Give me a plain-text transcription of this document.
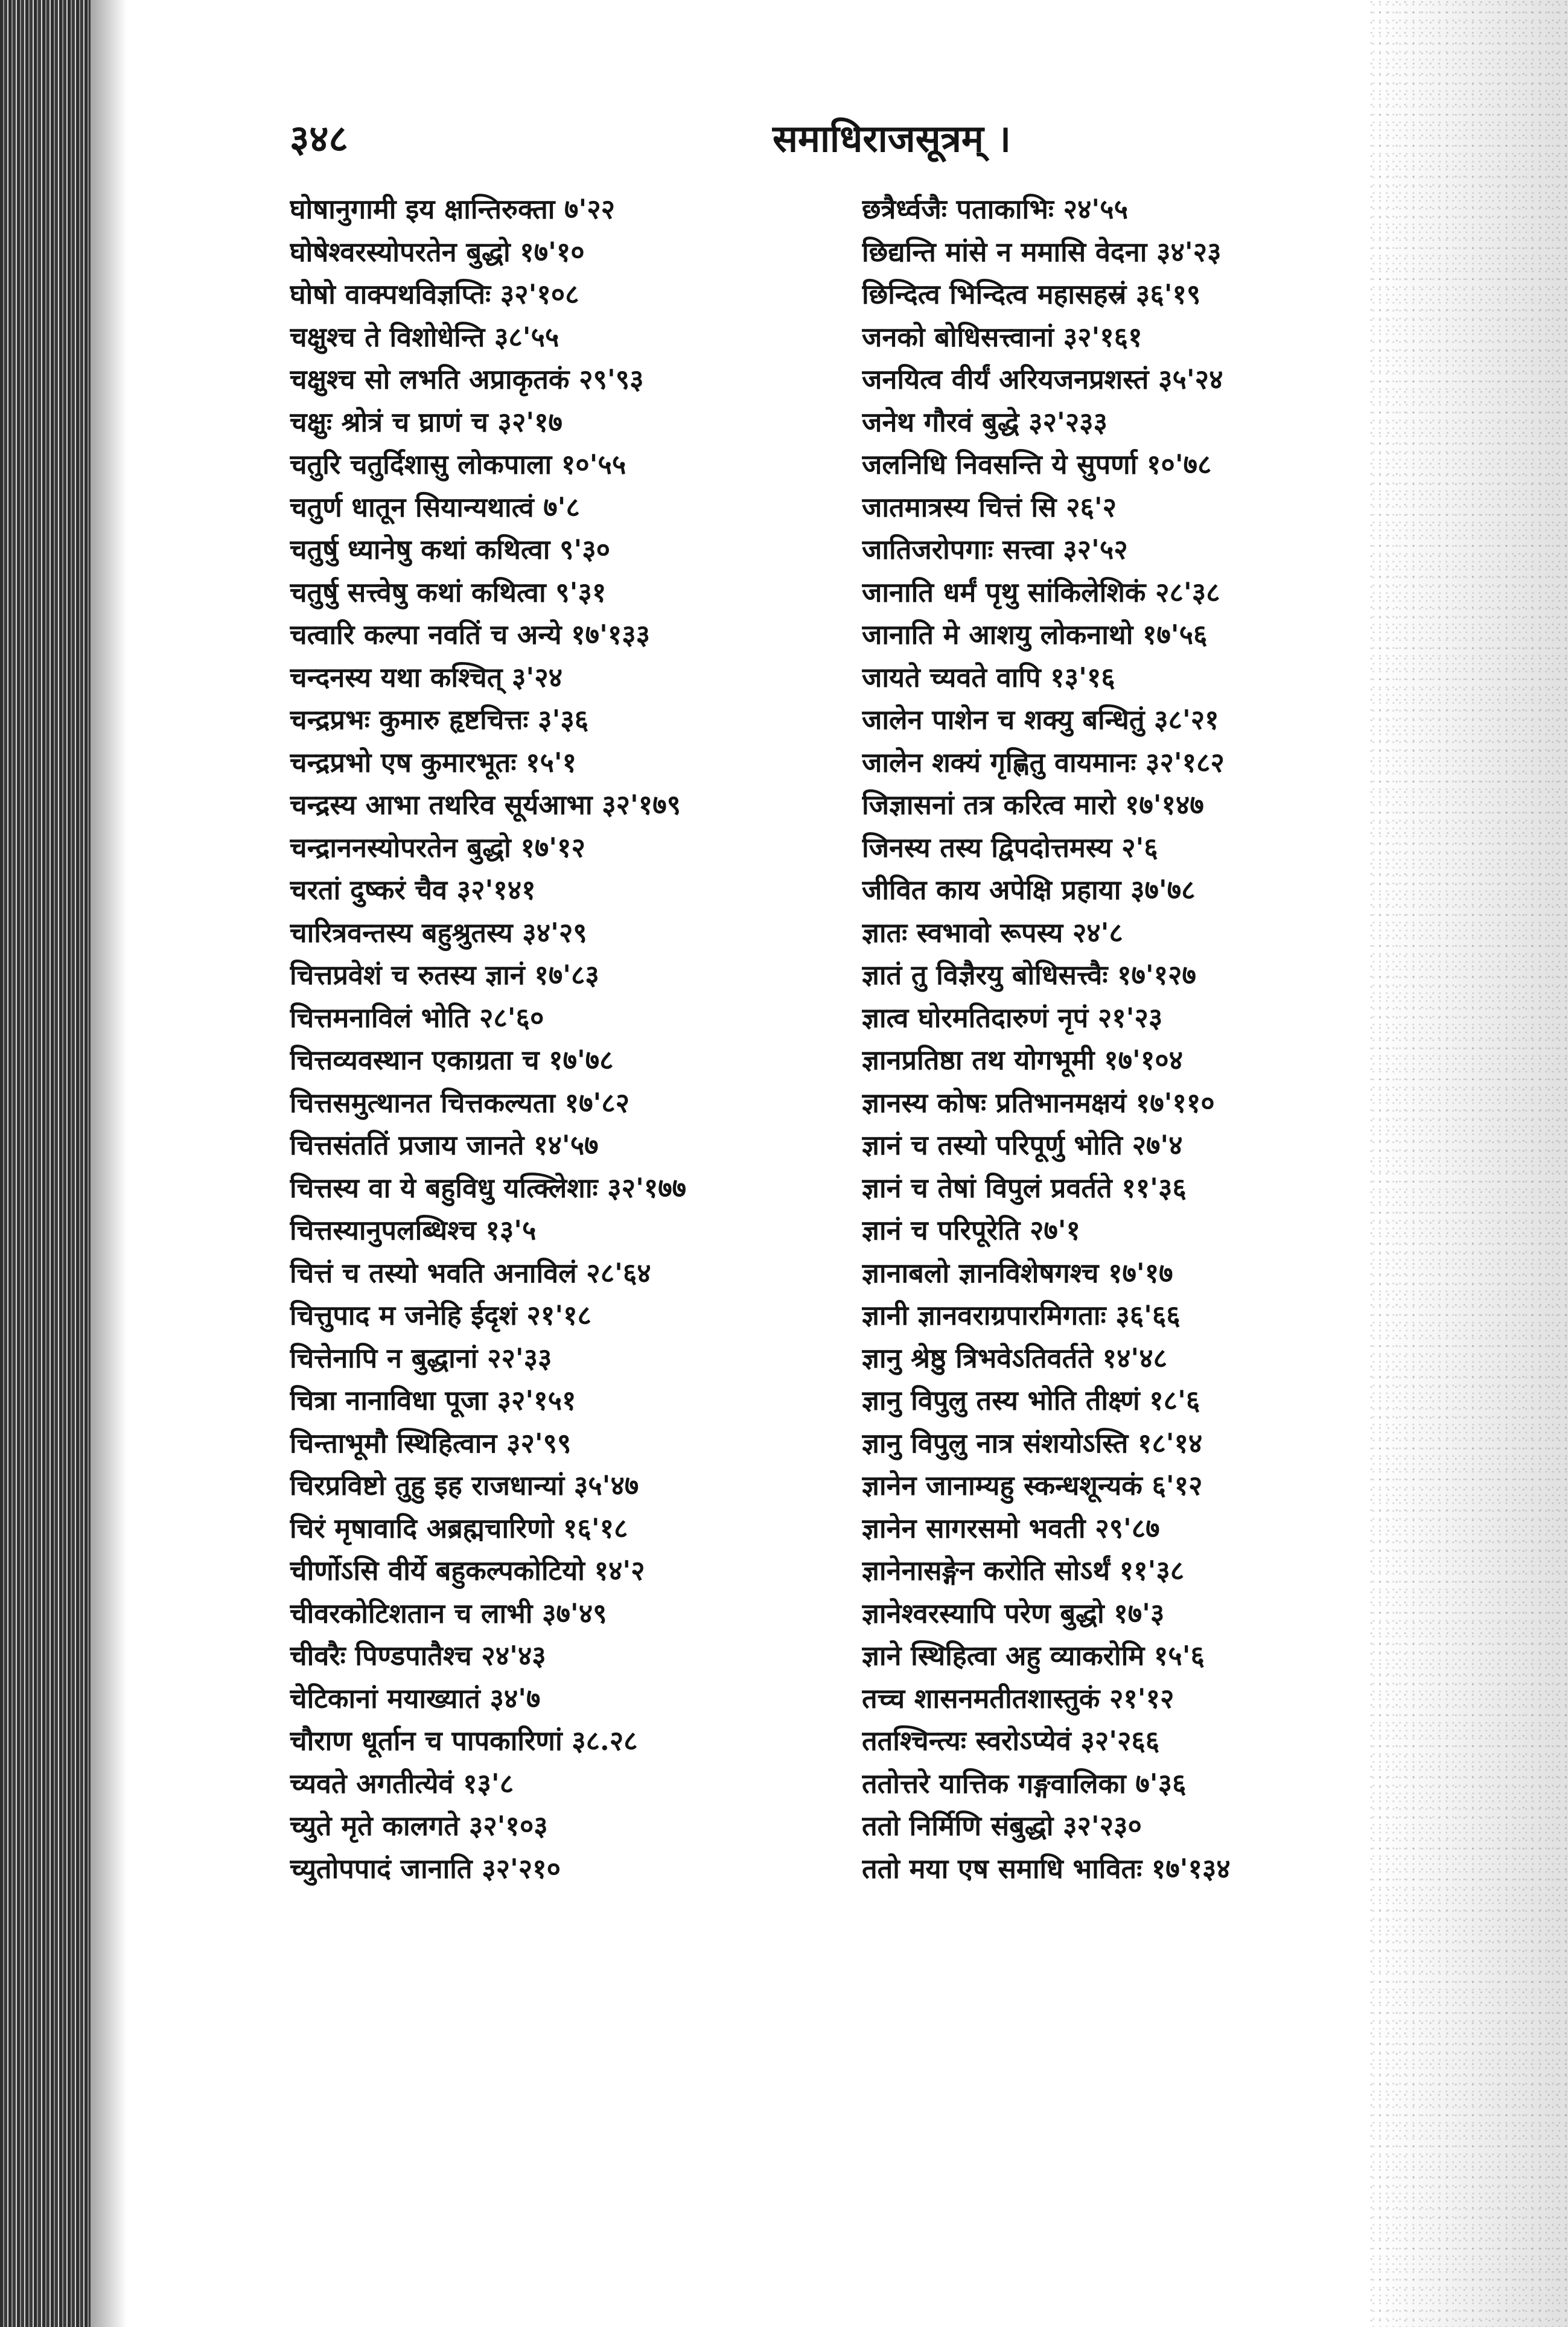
३४८	समाधिराजसूत्रम् ।
घोषानुगामी इय क्षान्तिरुक्ता ७'२२
घोषेश्वरस्योपरतेन बुद्धो १७'१०
घोषो वाक्पथविज्ञप्तिः ३२'१०८
चक्षुश्च ते विशोधेन्ति ३८'५५
चक्षुश्च सो लभति अप्राकृतकं २९'९३
चक्षुः श्रोत्रं च घ्राणं च ३२'१७
चतुरि चतुर्दिशासु लोकपाला १०'५५
चतुर्ण धातून सियान्यथात्वं ७'८
चतुर्षु ध्यानेषु कथां कथित्वा ९'३०
चतुर्षु सत्त्वेषु कथां कथित्वा ९'३१
चत्वारि कल्पा नवतिं च अन्ये १७'१३३
चन्दनस्य यथा कश्चित् ३'२४
चन्द्रप्रभः कुमारु हृष्टचित्तः ३'३६
चन्द्रप्रभो एष कुमारभूतः १५'१
चन्द्रस्य आभा तथरिव सूर्यआभा ३२'१७९
चन्द्राननस्योपरतेन बुद्धो १७'१२
चरतां दुष्करं चैव ३२'१४१
चारित्रवन्तस्य बहुश्रुतस्य ३४'२९
चित्तप्रवेशं च रुतस्य ज्ञानं १७'८३
चित्तमनाविलं भोति २८'६०
चित्तव्यवस्थान एकाग्रता च १७'७८
चित्तसमुत्थानत चित्तकल्यता १७'८२
चित्तसंततिं प्रजाय जानते १४'५७
चित्तस्य वा ये बहुविधु यत्क्लिेशाः ३२'१७७
चित्तस्यानुपलब्धिश्च १३'५
चित्तं च तस्यो भवति अनाविलं २८'६४
चित्तुपाद म जनेहि ईदृशं २१'१८
चित्तेनापि न बुद्धानां २२'३३
चित्रा नानाविधा पूजा ३२'१५१
चिन्ताभूमौ स्थिहित्वान ३२'९९
चिरप्रविष्टो तुहु इह राजधान्यां ३५'४७
चिरं मृषावादि अब्रह्मचारिणो १६'१८
चीर्णोऽसि वीर्ये बहुकल्पकोटियो १४'२
चीवरकोटिशतान च लाभी ३७'४९
चीवरैः पिण्डपातैश्च २४'४३
चेटिकानां मयाख्यातं ३४'७
चौराण धूर्तान च पापकारिणां ३८.२८
च्यवते अगतीत्येवं १३'८
च्युते मृते कालगते ३२'१०३
च्युतोपपादं जानाति ३२'२१०
छत्रैर्ध्वजैः पताकाभिः २४'५५
छिद्यन्ति मांसे न ममासि वेदना ३४'२३
छिन्दित्व भिन्दित्व महासहस्रं ३६'१९
जनको बोधिसत्त्वानां ३२'१६१
जनयित्व वीर्यं अरियजनप्रशस्तं ३५'२४
जनेथ गौरवं बुद्धे ३२'२३३
जलनिधि निवसन्ति ये सुपर्णा १०'७८
जातमात्रस्य चित्तं सि २६'२
जातिजरोपगाः सत्त्वा ३२'५२
जानाति धर्मं पृथु सांकिलेशिकं २८'३८
जानाति मे आशयु लोकनाथो १७'५६
जायते च्यवते वापि १३'१६
जालेन पाशेन च शक्यु बन्धितुं ३८'२१
जालेन शक्यं गृह्णितु वायमानः ३२'१८२
जिज्ञासनां तत्र करित्व मारो १७'१४७
जिनस्य तस्य द्विपदोत्तमस्य २'६
जीवित काय अपेक्षि प्रहाया ३७'७८
ज्ञातः स्वभावो रूपस्य २४'८
ज्ञातं तु विज्ञैरयु बोधिसत्त्वैः १७'१२७
ज्ञात्व घोरमतिदारुणं नृपं २१'२३
ज्ञानप्रतिष्ठा तथ योगभूमी १७'१०४
ज्ञानस्य कोषः प्रतिभानमक्षयं १७'११०
ज्ञानं च तस्यो परिपूर्णु भोति २७'४
ज्ञानं च तेषां विपुलं प्रवर्तते ११'३६
ज्ञानं च परिपूरेति २७'१
ज्ञानाबलो ज्ञानविशेषगश्च १७'१७
ज्ञानी ज्ञानवराग्रपारमिगताः ३६'६६
ज्ञानु श्रेष्ठु त्रिभवेऽतिवर्तते १४'४८
ज्ञानु विपुलु तस्य भोति तीक्ष्णं १८'६
ज्ञानु विपुलु नात्र संशयोऽस्ति १८'१४
ज्ञानेन जानाम्यहु स्कन्धशून्यकं ६'१२
ज्ञानेन सागरसमो भवती २९'८७
ज्ञानेनासङ्गेन करोति सोऽर्थं ११'३८
ज्ञानेश्वरस्यापि परेण बुद्धो १७'३
ज्ञाने स्थिहित्वा अहु व्याकरोमि १५'६
तच्च शासनमतीतशास्तुकं २१'१२
ततश्चिन्त्यः स्वरोऽप्येवं ३२'२६६
ततोत्तरे यात्तिक गङ्गवालिका ७'३६
ततो निर्मिणि संबुद्धो ३२'२३०
ततो मया एष समाधि भावितः १७'१३४
